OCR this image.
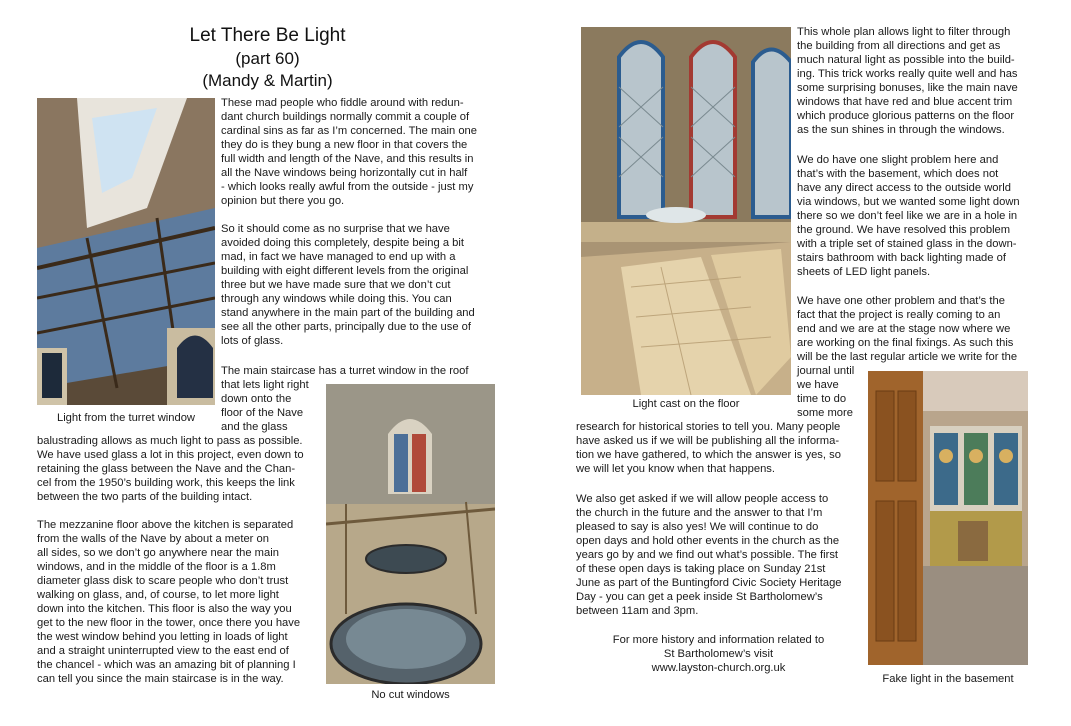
Let There Be Light
(part 60)
(Mandy & Martin)
Light from the turret window

These mad people who fiddle around with redun-
dant church buildings normally commit a couple of
cardinal sins as far as I’m concerned. The main one
they do is they bung a new floor in that covers the
full width and length of the Nave, and this results in
all the Nave windows being horizontally cut in half
- which looks really awful from the outside - just my
opinion but there you go.

So it should come as no surprise that we have
avoided doing this completely, despite being a bit
mad, in fact we have managed to end up with a
building with eight different levels from the original
three but we have made sure that we don’t cut
through any windows while doing this. You can
stand anywhere in the main part of the building and
see all the other parts, principally due to the use of
lots of glass.

The main staircase has a turret window in the roof

that lets light right
down onto the
floor of the Nave
and the glass

balustrading allows as much light to pass as possible.
We have used glass a lot in this project, even down to
retaining the glass between the Nave and the Chan-
cel from the 1950’s building work, this keeps the link
between the two parts of the building intact.

The mezzanine floor above the kitchen is separated
from the walls of the Nave by about a meter on
all sides, so we don’t go anywhere near the main
windows, and in the middle of the floor is a 1.8m
diameter glass disk to scare people who don’t trust
walking on glass, and, of course, to let more light
down into the kitchen. This floor is also the way you
get to the new floor in the tower, once there you have
the west window behind you letting in loads of light
and a straight uninterrupted view to the east end of
the chancel - which was an amazing bit of planning I
can tell you since the main staircase is in the way.

No cut windows
Light cast on the floor

This whole plan allows light to filter through
the building from all directions and get as
much natural light as possible into the build-
ing. This trick works really quite well and has
some surprising bonuses, like the main nave
windows that have red and blue accent trim
which produce glorious patterns on the floor
as the sun shines in through the windows.

We do have one slight problem here and
that’s with the basement, which does not
have any direct access to the outside world
via windows, but we wanted some light down
there so we don’t feel like we are in a hole in
the ground. We have resolved this problem
with a triple set of stained glass in the down-
stairs bathroom with back lighting made of
sheets of LED light panels.

We have one other problem and that’s the
fact that the project is really coming to an
end and we are at the stage now where we
are working on the final fixings. As such this
will be the last regular article we write for the

journal until
we have
time to do
some more

research for historical stories to tell you. Many people
have asked us if we will be publishing all the informa-
tion we have gathered, to which the answer is yes, so
we will let you know when that happens.

We also get asked if we will allow people access to
the church in the future and the answer to that I’m
pleased to say is also yes! We will continue to do
open days and hold other events in the church as the
years go by and we find out what’s possible. The first
of these open days is taking place on Sunday 21st
June as part of the Buntingford Civic Society Heritage
Day - you can get a peek inside St Bartholomew’s
between 11am and 3pm.

For more history and information related to
St Bartholomew’s visit
www.layston-church.org.uk
Fake light in the basement
